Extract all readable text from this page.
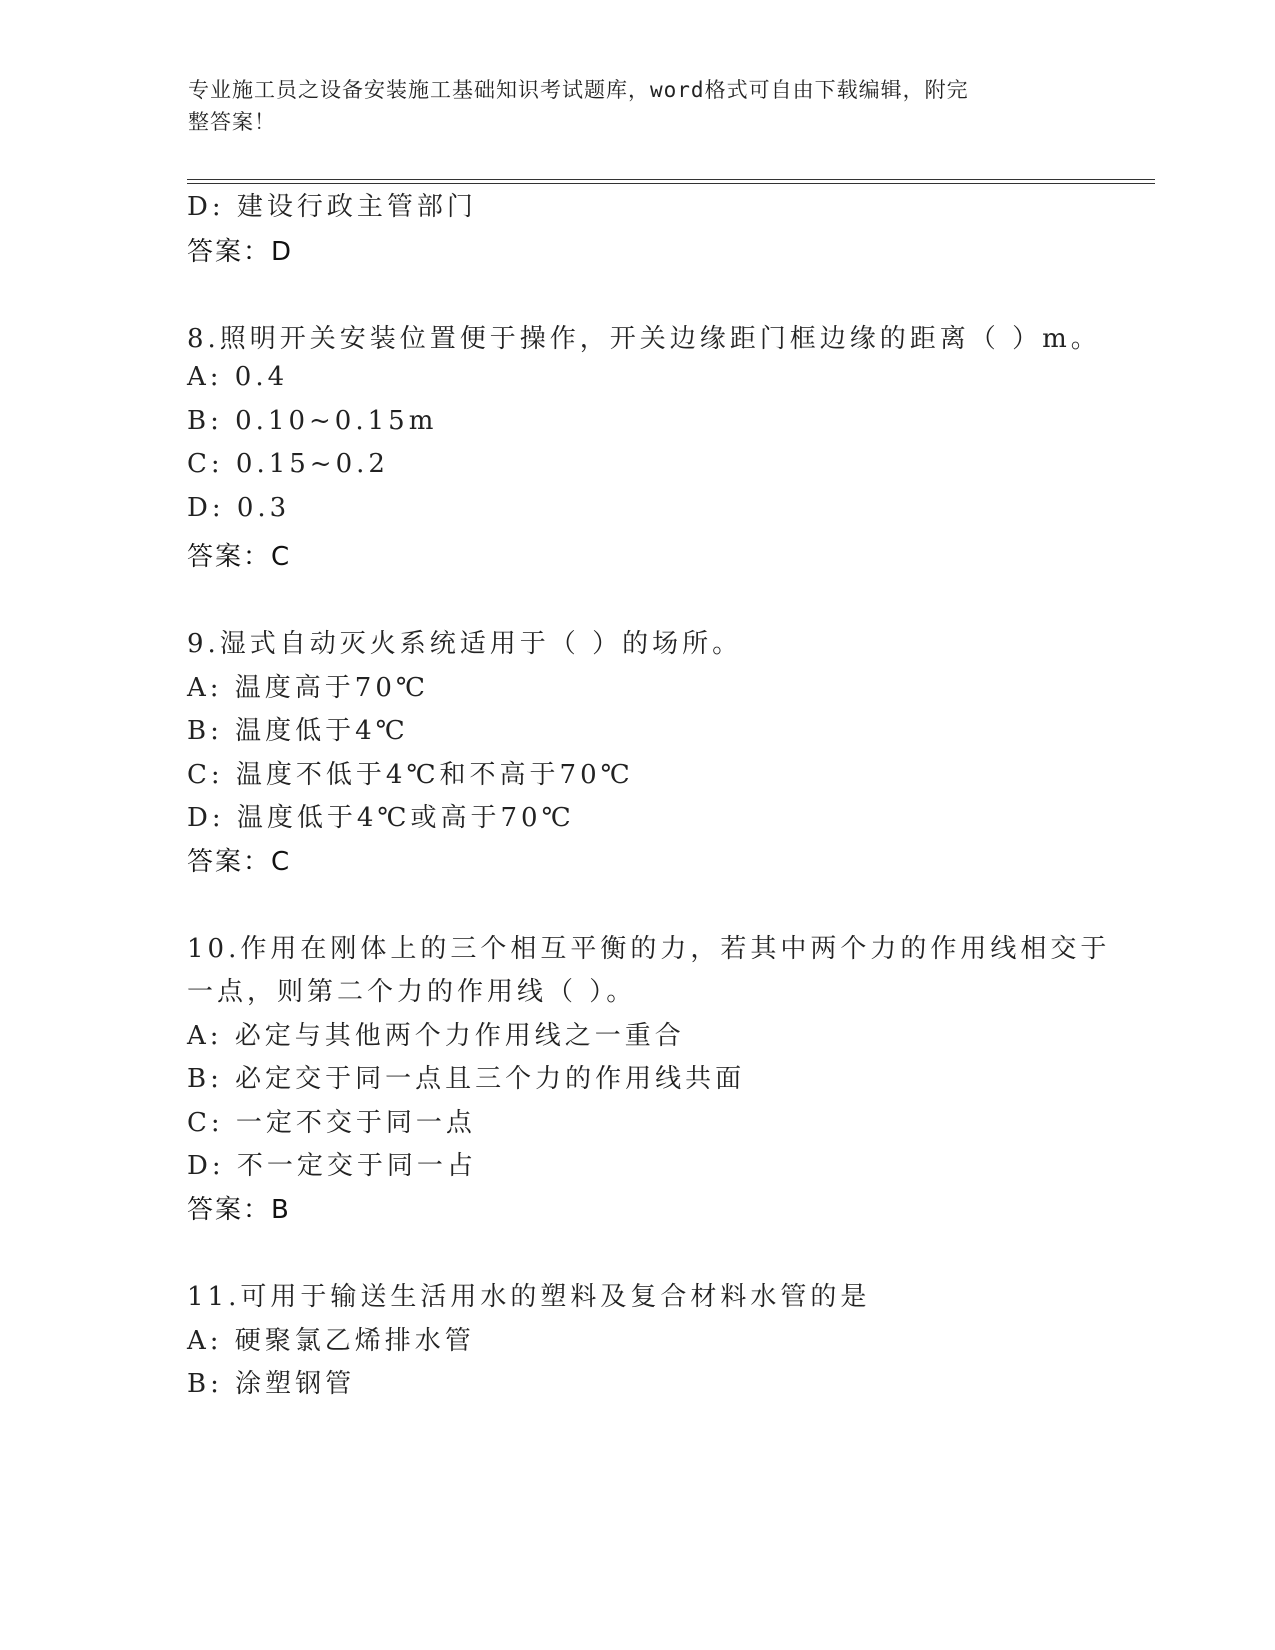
专业施工员之设备安装施工基础知识考试题库，word格式可自由下载编辑，附完
整答案！
D: 建设行政主管部门
答案：D
8.照明开关安装位置便于操作，开关边缘距门框边缘的距离（ ）m。
A: 0.4
B: 0.10~0.15m
C: 0.15~0.2
D: 0.3
答案：C
9.湿式自动灭火系统适用于（ ）的场所。
A: 温度高于70℃
B: 温度低于4℃
C: 温度不低于4℃和不高于70℃
D: 温度低于4℃或高于70℃
答案：C
10.作用在刚体上的三个相互平衡的力，若其中两个力的作用线相交于
一点，则第二个力的作用线（ ）。
A: 必定与其他两个力作用线之一重合
B: 必定交于同一点且三个力的作用线共面
C: 一定不交于同一点
D: 不一定交于同一占
答案：B
11.可用于输送生活用水的塑料及复合材料水管的是
A: 硬聚氯乙烯排水管
B: 涂塑钢管
